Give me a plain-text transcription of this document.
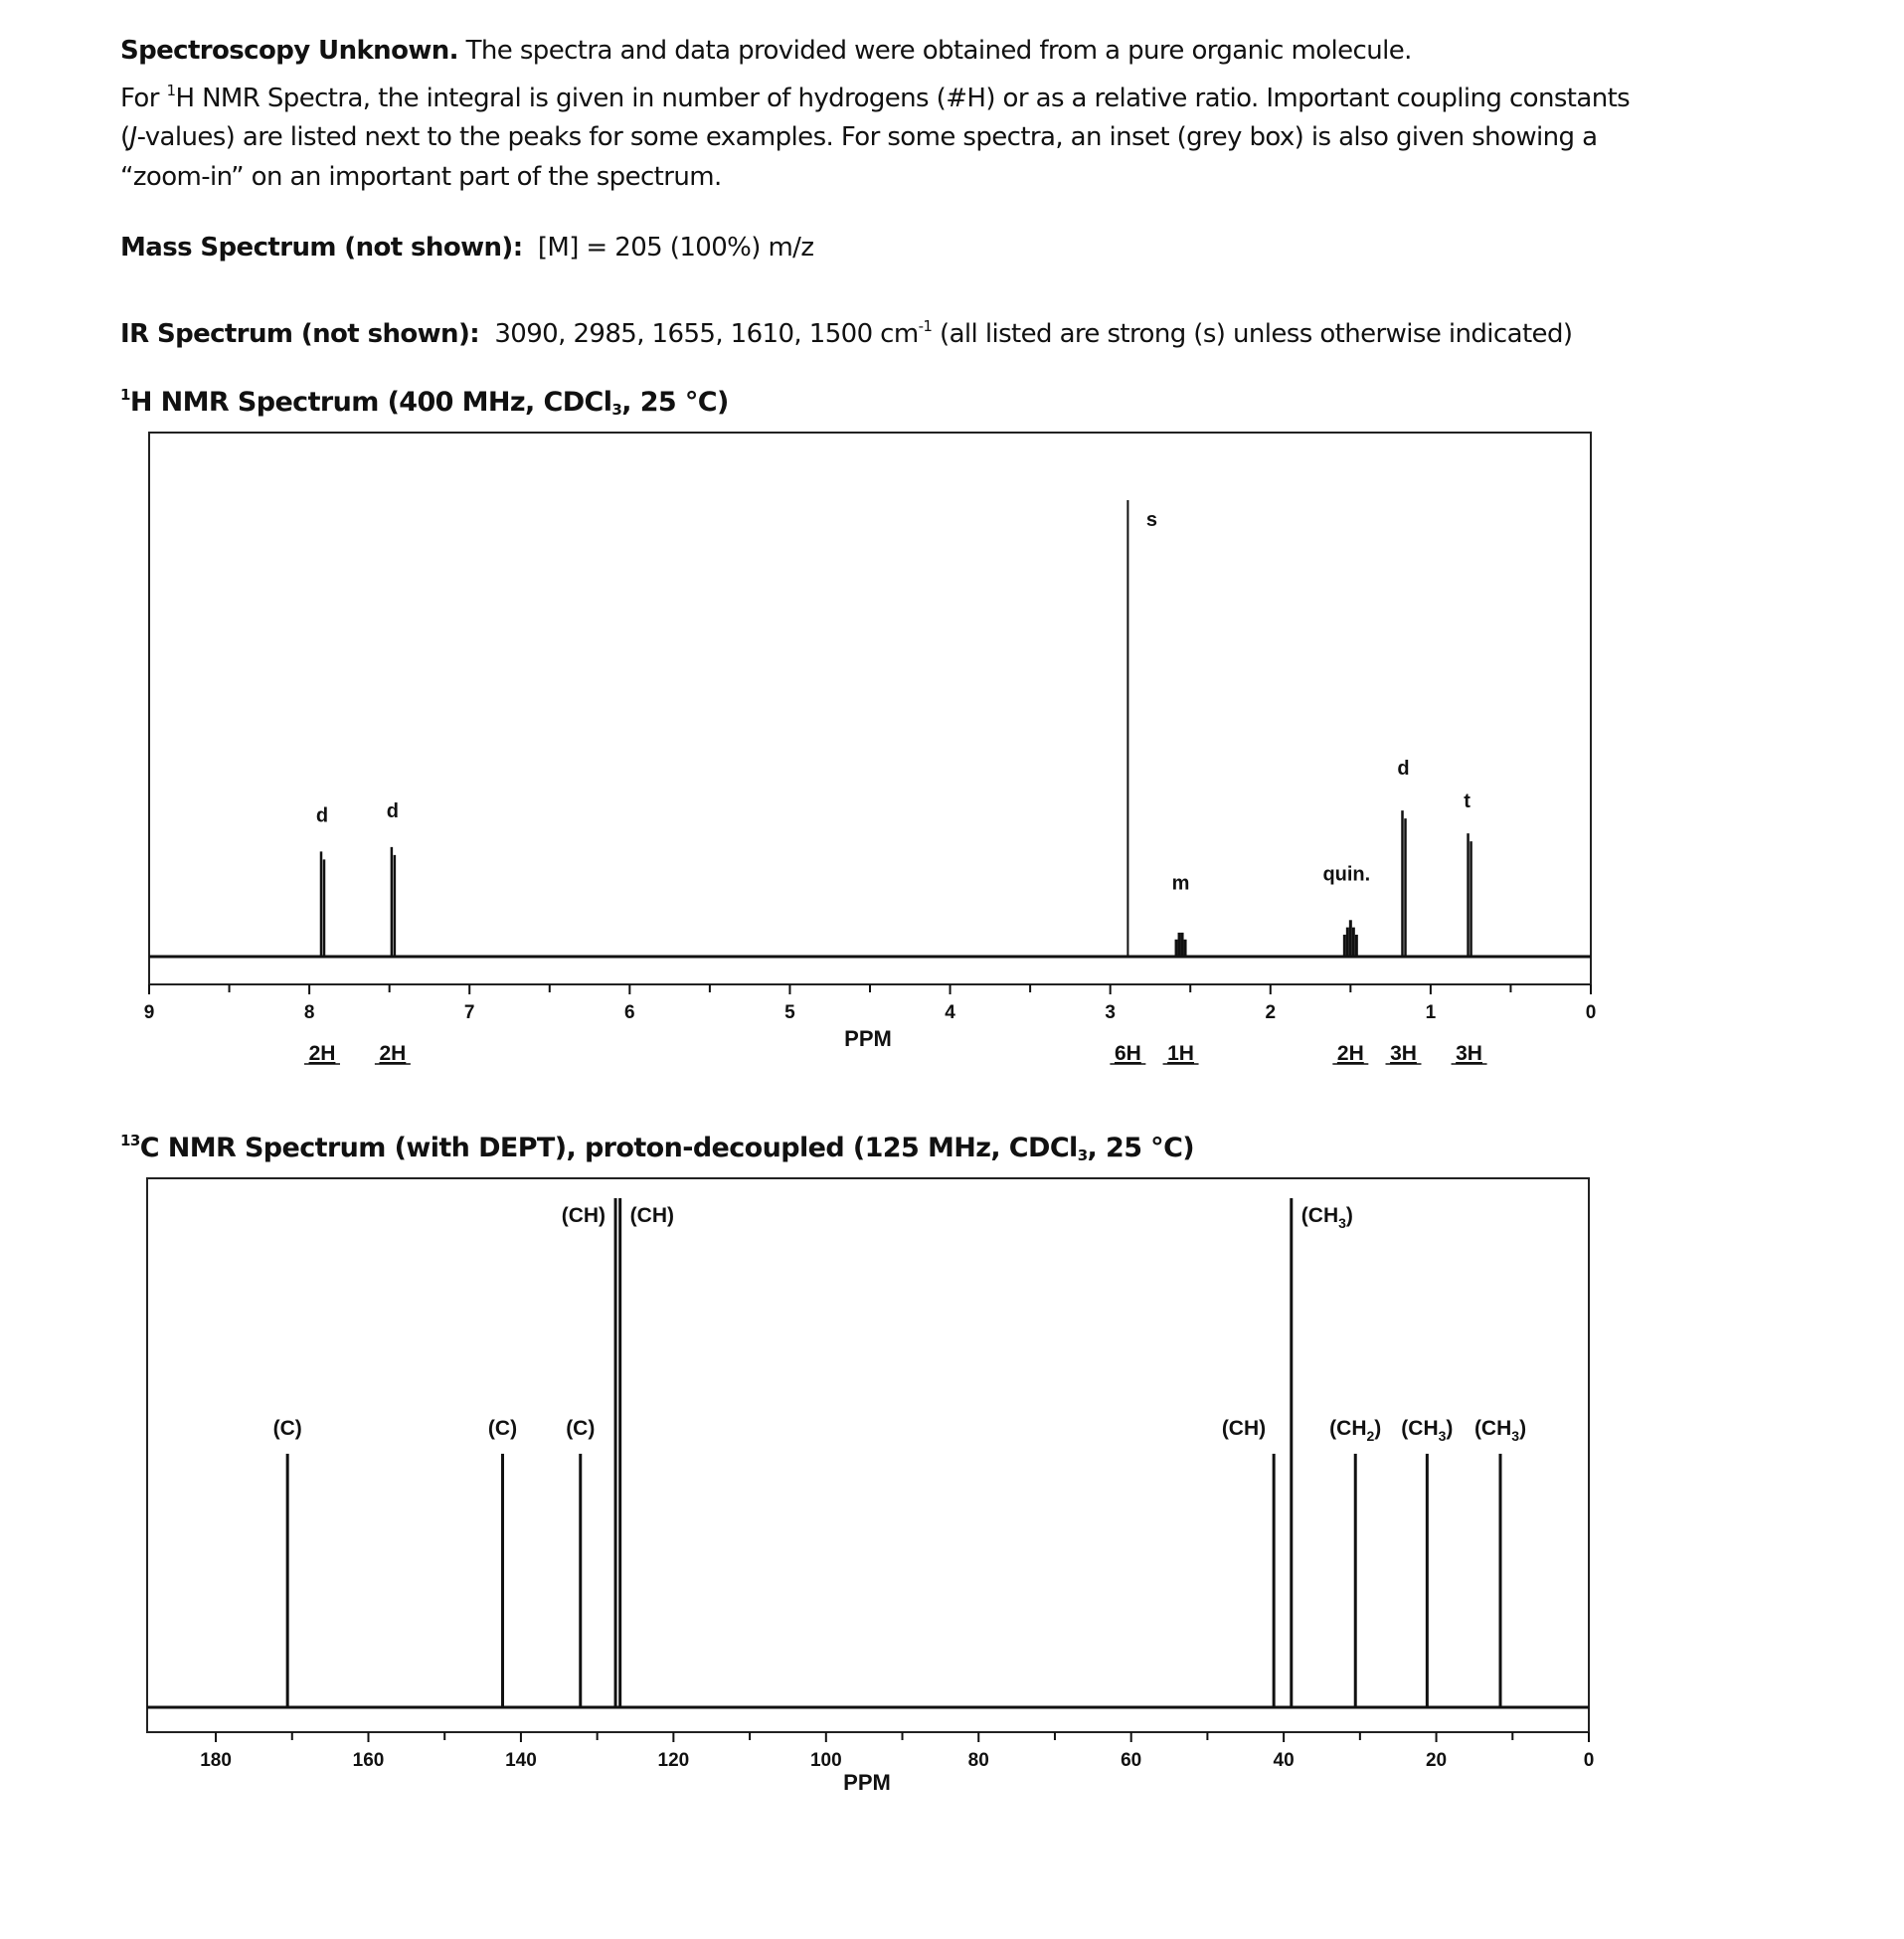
Spectroscopy Unknown. The spectra and data provided were obtained from a pure organic molecule.
For $^1$H NMR Spectra, the integral is given in number of hydrogens (#H) or as a relative ratio. Important coupling constants
(J-values) are listed next to the peaks for some examples. For some spectra, an inset (grey box) is also given showing a
“zoom-in” on an important part of the spectrum.
Mass Spectrum (not shown):  [M] = 205 (100%) m/z
IR Spectrum (not shown):  3090, 2985, 1655, 1610, 1500 $cm^{-1}$ (all listed are strong (s) unless otherwise indicated)
$^1$H NMR Spectrum (400 MHz, CDCl$_3$, 25 °C)
$^{13}$C NMR Spectrum (with DEPT), proton-decoupled (125 MHz, CDCl$_3$, 25 °C)
9	8	7	6	5	4	3	2	1	0
PPM
d
2H
d
2H
s
6H
m
1H
quin.
2H
d
3H
t
3H
180	160	140	120	100	80	60	40	20	0
PPM
(C)	(C) (C)
(CH) (CH)
(CH)
$(CH_3)$
$(CH_2)$ $(CH_3)$ $(CH_3)$
